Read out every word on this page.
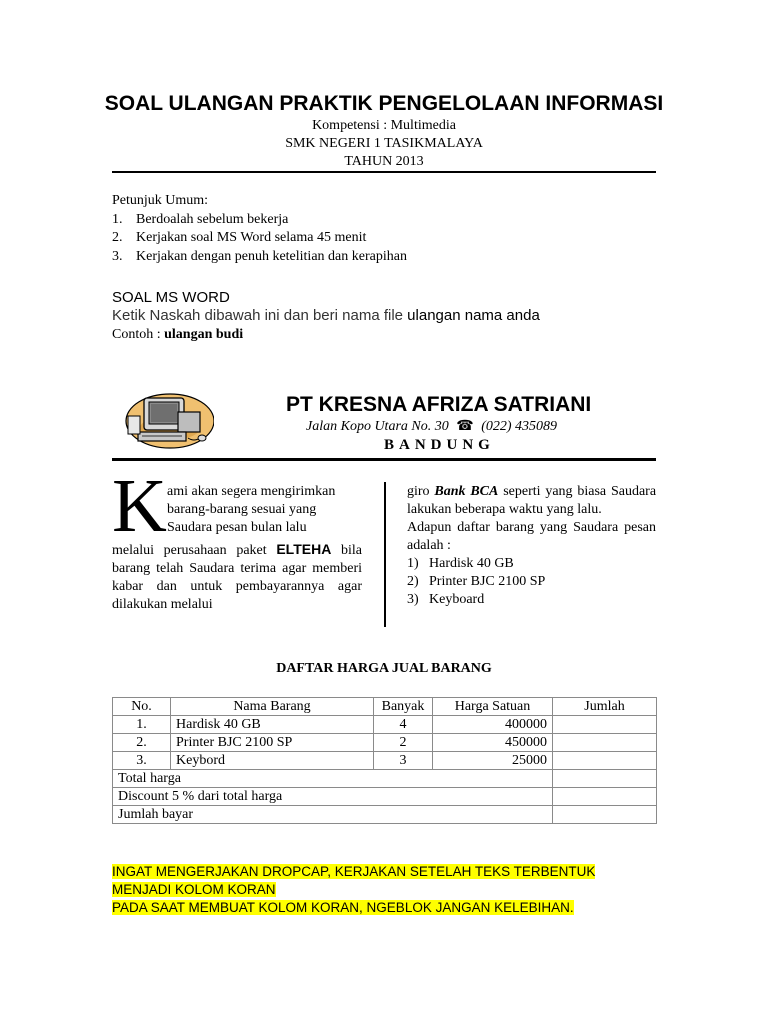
SOAL ULANGAN PRAKTIK PENGELOLAAN INFORMASI
Kompetensi : Multimedia
SMK NEGERI 1 TASIKMALAYA
TAHUN 2013
Petunjuk Umum:
1. Berdoalah sebelum bekerja
2. Kerjakan soal MS Word selama 45 menit
3. Kerjakan dengan penuh ketelitian dan kerapihan
SOAL MS WORD
Ketik Naskah dibawah ini dan beri nama file ulangan nama anda
Contoh : ulangan budi
PT KRESNA AFRIZA SATRIANI
Jalan Kopo Utara No. 30 ☎ (022) 435089
BANDUNG
K ami akan segera mengirimkan
barang-barang sesuai yang
Saudara pesan bulan lalu
melalui perusahaan paket ELTEHA bila barang telah Saudara terima agar memberi kabar dan untuk pembayarannya agar dilakukan melalui
giro Bank BCA seperti yang biasa Saudara lakukan beberapa waktu yang lalu.
Adapun daftar barang yang Saudara pesan adalah :
1) Hardisk 40 GB
2) Printer BJC 2100 SP
3) Keyboard
DAFTAR HARGA JUAL BARANG
No.	Nama Barang	Banyak	Harga Satuan	Jumlah
1.	Hardisk 40 GB	4	400000	
2.	Printer BJC 2100 SP	2	450000	
3.	Keybord	3	25000	
Total harga				
Discount 5 % dari total harga				
Jumlah bayar				
INGAT MENGERJAKAN DROPCAP, KERJAKAN SETELAH TEKS TERBENTUK
MENJADI KOLOM KORAN
PADA SAAT MEMBUAT KOLOM KORAN, NGEBLOK JANGAN KELEBIHAN.
